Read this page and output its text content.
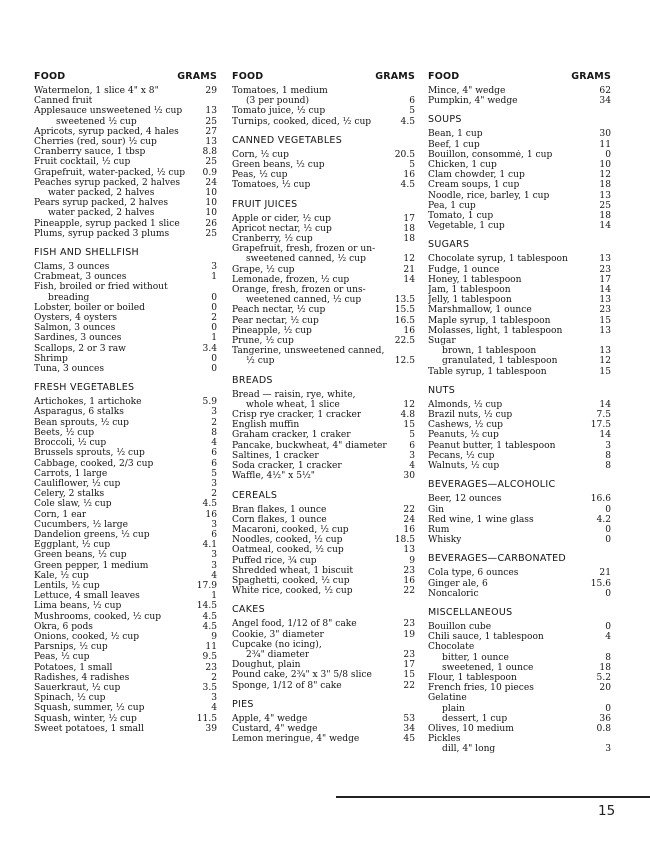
FOOD	GRAMS
Watermelon, 1 slice 4" x 8"	29
Canned fruit
Applesauce unsweetened ½ cup	13
sweetened ½ cup	25
Apricots, syrup packed, 4 hales	27
Cherries (red, sour) ½ cup	13
Cranberry sauce, 1 tbsp	8.8
Fruit cocktail, ½ cup	25
Grapefruit, water-packed, ½ cup 0.9
Peaches syrup packed, 2 halves	24
water packed, 2 halves	10
Pears syrup packed, 2 halves	10
water packed, 2 halves	10
Pineapple, syrup packed 1 slice	26
Plums, syrup packed 3 plums	25
FISH AND SHELLFISH
Clams, 3 ounces	3
Crabmeat, 3 ounces	1
Fish, broiled or fried without
breading	0
Lobster, boiler or boiled	0
Oysters, 4 oysters	2
Salmon, 3 ounces	0
Sardines, 3 ounces	1
Scallops, 2 or 3 raw	3.4
Shrimp	0
Tuna, 3 ounces	0
FRESH VEGETABLES
Artichokes, 1 artichoke	5.9
Asparagus, 6 stalks	3
Bean sprouts, ½ cup	2
Beets, ½ cup	8
Broccoli, ½ cup	4
Brussels sprouts, ½ cup	6
Cabbage, cooked, 2/3 cup	6
Carrots, 1 large	5
Cauliflower, ½ cup	3
Celery, 2 stalks	2
Cole slaw, ½ cup	4.5
Corn, 1 ear	16
Cucumbers, ½ large	3
Dandelion greens, ½ cup	6
Eggplant, ½ cup	4.1
Green beans, ½ cup	3
Green pepper, 1 medium	3
Kale, ½ cup	4
Lentils, ½ cup	17.9
Lettuce, 4 small leaves	1
Lima beans, ½ cup	14.5
Mushrooms, cooked, ½ cup	4.5
Okra, 6 pods	4.5
Onions, cooked, ½ cup	9
Parsnips, ½ cup	11
Peas, ½ cup	9.5
Potatoes, 1 small	23
Radishes, 4 radishes	2
Sauerkraut, ½ cup	3.5
Spinach, ½ cup	3
Squash, summer, ½ cup	4
Squash, winter, ½ cup	11.5
Sweet potatoes, 1 small	39
FOOD	GRAMS
Tomatoes, 1 medium
(3 per pound)	6
Tomato juice, ½ cup	5
Turnips, cooked, diced, ½ cup	4.5
CANNED VEGETABLES
Corn, ½ cup	20.5
Green beans, ½ cup	5
Peas, ½ cup	16
Tomatoes, ½ cup	4.5
FRUIT JUICES
Apple or cider, ½ cup	17
Apricot nectar, ½ cup	18
Cranberry, ½ cup	18
Grapefruit, fresh, frozen or un-
sweetened canned, ½ cup	12
Grape, ½ cup	21
Lemonade, frozen, ½ cup	14
Orange, fresh, frozen or uns-
weetened canned, ½ cup	13.5
Peach nectar, ½ cup	15.5
Pear nectar, ½ cup	16.5
Pineapple, ½ cup	16
Prune, ½ cup	22.5
Tangerine, unsweetened canned,
½ cup	12.5
BREADS
Bread — raisin, rye, white,
whole wheat, 1 slice	12
Crisp rye cracker, 1 cracker	4.8
English muffin	15
Graham cracker, 1 craker	5
Pancake, buckwheat, 4" diameter	6
Saltines, 1 cracker	3
Soda cracker, 1 cracker	4
Waffle, 4½" x 5½"	30
CEREALS
Bran flakes, 1 ounce	22
Corn flakes, 1 ounce	24
Macaroni, cooked, ½ cup	16
Noodles, cooked, ½ cup	18.5
Oatmeal, cooked, ½ cup	13
Puffed rice, ¾ cup	9
Shredded wheat, 1 biscuit	23
Spaghetti, cooked, ½ cup	16
White rice, cooked, ½ cup	22
CAKES
Angel food, 1/12 of 8" cake	23
Cookie, 3" diameter	19
Cupcake (no icing),
2¾" diameter	23
Doughut, plain	17
Pound cake, 2¾" x 3" 5/8 slice	15
Sponge, 1/12 of 8" cake	22
PIES
Apple, 4" wedge	53
Custard, 4" wedge	34
Lemon meringue, 4" wedge	45
FOOD	GRAMS
Mince, 4" wedge	62
Pumpkin, 4" wedge	34
SOUPS
Bean, 1 cup	30
Beef, 1 cup	11
Bouillon, consommé, 1 cup	0
Chicken, 1 cup	10
Clam chowder, 1 cup	12
Cream soups, 1 cup	18
Noodle, rice, barley, 1 cup	13
Pea, 1 cup	25
Tomato, 1 cup	18
Vegetable, 1 cup	14
SUGARS
Chocolate syrup, 1 tablespoon	13
Fudge, 1 ounce	23
Honey, 1 tablespoon	17
Jam, 1 tablespoon	14
Jelly, 1 tablespoon	13
Marshmallow, 1 ounce	23
Maple syrup, 1 tablespoon	15
Molasses, light, 1 tablespoon	13
Sugar
brown, 1 tablespoon	13
granulated, 1 tablespoon	12
Table syrup, 1 tablespoon	15
NUTS
Almonds, ½ cup	14
Brazil nuts, ½ cup	7.5
Cashews, ½ cup	17.5
Peanuts, ½ cup	14
Peanut butter, 1 tablespoon	3
Pecans, ½ cup	8
Walnuts, ½ cup	8
BEVERAGES—ALCOHOLIC
Beer, 12 ounces	16.6
Gin	0
Red wine, 1 wine glass	4.2
Rum	0
Whisky	0
BEVERAGES—CARBONATED
Cola type, 6 ounces	21
Ginger ale, 6	15.6
Noncaloric	0
MISCELLANEOUS
Bouillon cube	0
Chili sauce, 1 tablespoon	4
Chocolate
bitter, 1 ounce	8
sweetened, 1 ounce	18
Flour, 1 tablespoon	5.2
French fries, 10 pieces	20
Gelatine
plain	0
dessert, 1 cup	36
Olives, 10 medium	0.8
Pickles
dill, 4" long	3
15
